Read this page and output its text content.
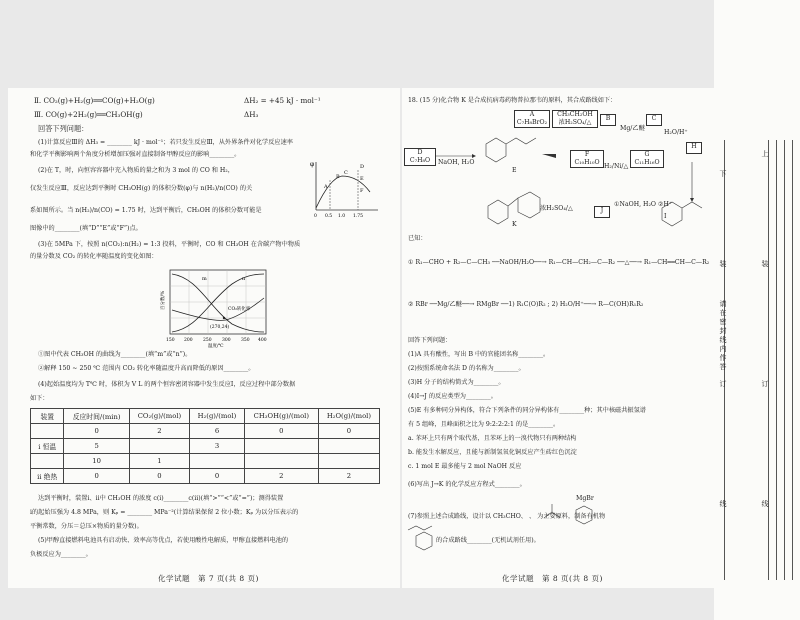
Ⅱ. CO₂(g)+H₂(g)══CO(g)+H₂O(g)	ΔH₂ = +45 kJ · mol⁻¹
Ⅲ. CO(g)+2H₂(g)══CH₃OH(g)	ΔH₃
回答下列问题：
(1)计算反应Ⅲ的 ΔH₃ = ________ kJ · mol⁻¹；若只发生反应Ⅲ，从外界条件对化学反应速率
和化学平衡影响两个角度分析增加压强对直接制备甲醇反应的影响________。
(2)在 T，时，向恒容容器中充入物质的量之和为 3 mol 的 CO 和 H₂，
仅发生反应Ⅲ，反应达到平衡时 CH₃OH(g) 的体积分数(φ)与 n(H₂)/n(CO) 的关
系如图所示。当 n(H₂)/n(CO) = 1.75 时，达到平衡后，CH₃OH 的体积分数可能是
图像中的________(填“D”“E”或“F”)点。
φ
A
B
C
D
E
F
0 0.5 1.0 1.75
(3)在 5MPa 下，按照 n(CO₂):n(H₂) = 1:3 投料，平衡时，CO 和 CH₃OH 在含碳产物中物质
的量分数及 CO₂ 的转化率随温度的变化如图：
百分数/%
m	n
CO₂转化率
(270,24)
150 200 250 300 350 400
温度/℃
①图中代表 CH₃OH 的曲线为________(填“m”或“n”)。
②解释 150 ~ 250 ℃ 范围内 CO₂ 转化率随温度升高而降低的原因________。
(4)起始温度均为 T℃ 时，体积为 V L 的两个恒容密闭容器中发生反应Ⅰ，反应过程中部分数据
如下：
装置	反应时间/(min)	CO₂(g)/(mol)	H₂(g)/(mol)	CH₃OH(g)/(mol)	H₂O(g)/(mol)
	0	2	6	0	0
ⅰ 恒温	5		3		
	10	1			
ⅱ 绝热	0	0	0	2	2
达到平衡时，装置ⅰ、ⅱ中 CH₃OH 的浓度 c(ⅰ)________c(ⅱ)(填“>”“<”或“=”)；测得装置
ⅰ的起始压强为 4.8 MPa，则 Kₚ = ________ MPa⁻²(计算结果保留 2 位小数；Kₚ 为以分压表示的
平衡常数，分压＝总压×物质的量分数)。
(5)甲醇直接燃料电池具有启动快、效率高等优点，若使用酸性电解质，甲醇直接燃料电池的
负极反应为________。
化学试题　第 7 页(共 8 页)
18. (15 分)化合物 K 是合成抗病毒药物普拉那韦的原料，其合成路线如下：
D
C₇H₈O
A
C₇H₈BrO₂
CH₃CH₂OH
浓H₂SO₄/△
B	C
F
C₁₀H₁₀O
G
C₁₁H₁₆O
H
J
NaOH, H₂O
Mg/乙醚
H₂/Ni/△
H₂O/H⁺
浓H₂SO₄/△
①NaOH, H₂O ②H⁺
E
I
K
已知：
① R₁—CHO + R₂—C—CH₃ ──NaOH/H₂O──→ R₁—CH—CH₂—C—R₂ ──△──→ R₁—CH══CH—C—R₂
② RBr ──Mg/乙醚──→ RMgBr ──1) R₁C(O)R₂ ; 2) H₂O/H⁺──→ R—C(OH)R₁R₂
回答下列问题：
(1)A 具有酸性，写出 B 中的官能团名称________。
(2)按照系统命名法 D 的名称为________。
(3)H 分子的结构简式为________。
(4)I→J 的反应类型为________。
(5)E 有多种同分异构体，符合下列条件的同分异构体有________种；其中核磁共振氢谱
有 5 组峰，且峰面积之比为 9:2:2:2:1 的是________。
a. 苯环上只有两个取代基，且苯环上的一溴代物只有两种结构
b. 能发生水解反应，且能与新制氢氧化铜反应产生砖红色沉淀
c. 1 mol E 最多能与 2 mol NaOH 反应
(6)写出 J→K 的化学反应方程式________。
MgBr
(7)参照上述合成路线，设计以 CH₃CHO、 、 为主要原料，制备有机物
的合成路线________(无机试剂任用)。
化学试题　第 8 页(共 8 页)
下
装
请在密封线内作答
订
线
上
装
订
线
